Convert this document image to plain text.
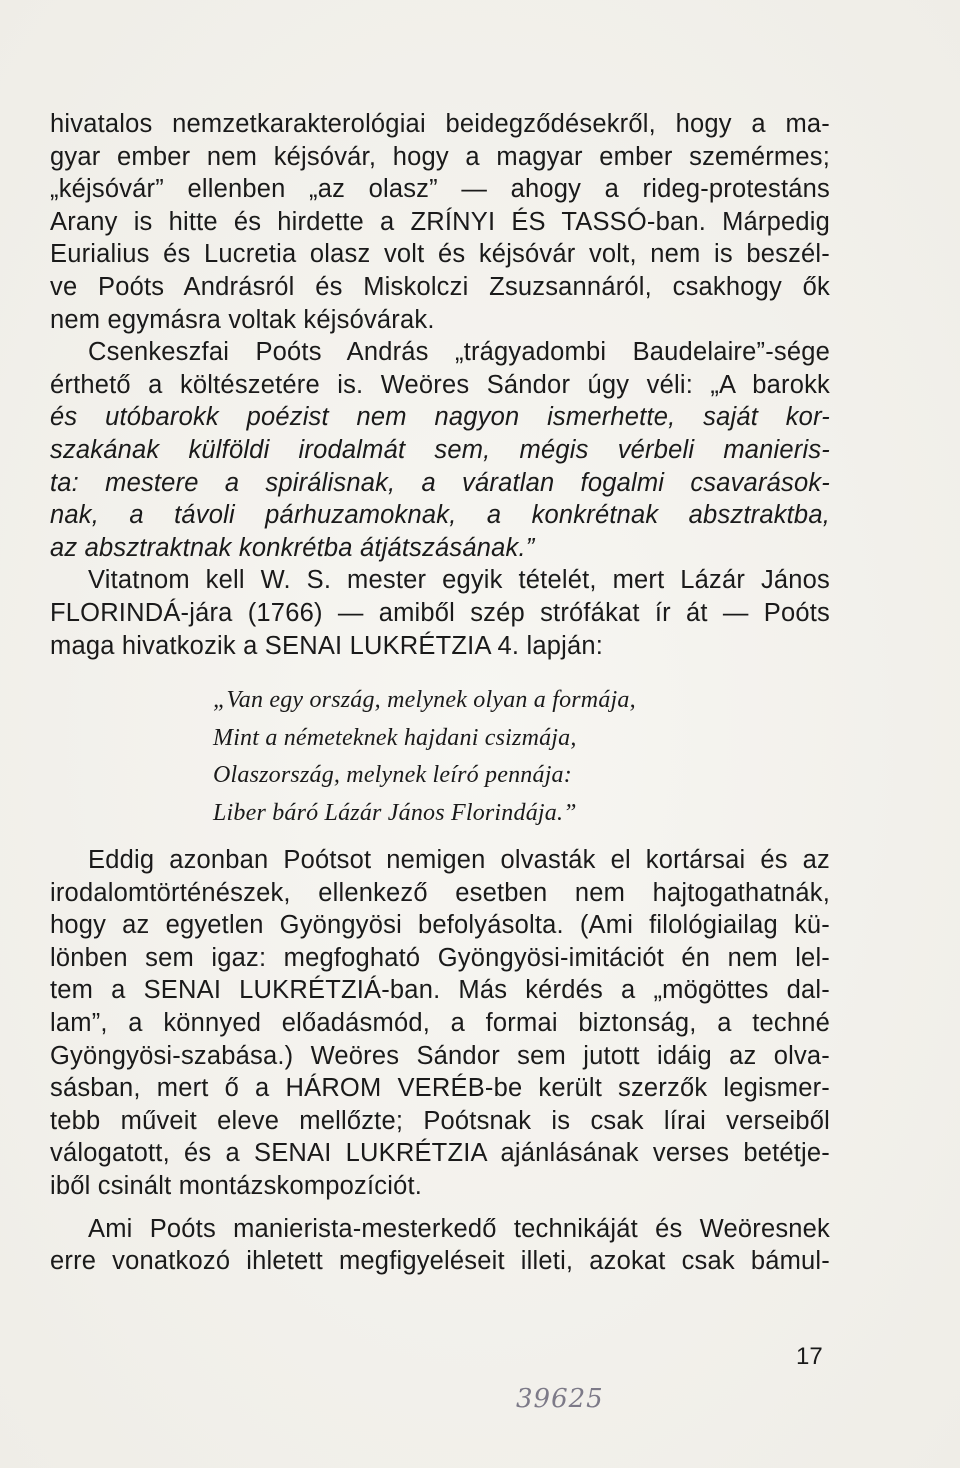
hivatalos nemzetkarakterológiai beidegződésekről, hogy a ma-
gyar ember nem kéjsóvár, hogy a magyar ember szemérmes;
„kéjsóvár” ellenben „az olasz” — ahogy a rideg-protestáns
Arany is hitte és hirdette a ZRÍNYI ÉS TASSÓ-ban. Márpedig
Eurialius és Lucretia olasz volt és kéjsóvár volt, nem is beszél-
ve Poóts Andrásról és Miskolczi Zsuzsannáról, csakhogy ők
nem egymásra voltak kéjsóvárak.
Csenkeszfai Poóts András „trágyadombi Baudelaire”-sége
érthető a költészetére is. Weöres Sándor úgy véli: „A barokk
és utóbarokk poézist nem nagyon ismerhette, saját kor-
szakának külföldi irodalmát sem, mégis vérbeli manieris-
ta: mestere a spirálisnak, a váratlan fogalmi csavarások-
nak, a távoli párhuzamoknak, a konkrétnak absztraktba,
az absztraktnak konkrétba átjátszásának.”
Vitatnom kell W. S. mester egyik tételét, mert Lázár János
FLORINDÁ-jára (1766) — amiből szép strófákat ír át — Poóts
maga hivatkozik a SENAI LUKRÉTZIA 4. lapján:
„Van egy ország, melynek olyan a formája,
Mint a németeknek hajdani csizmája,
Olaszország, melynek leíró pennája:
Liber báró Lázár János Florindája.”
Eddig azonban Poótsot nemigen olvasták el kortársai és az
irodalomtörténészek, ellenkező esetben nem hajtogathatnák,
hogy az egyetlen Gyöngyösi befolyásolta. (Ami filológiailag kü-
lönben sem igaz: megfogható Gyöngyösi-imitációt én nem lel-
tem a SENAI LUKRÉTZIÁ-ban. Más kérdés a „mögöttes dal-
lam”, a könnyed előadásmód, a formai biztonság, a techné
Gyöngyösi-szabása.) Weöres Sándor sem jutott idáig az olva-
sásban, mert ő a HÁROM VERÉB-be került szerzők legismer-
tebb műveit eleve mellőzte; Poótsnak is csak lírai verseiből
válogatott, és a SENAI LUKRÉTZIA ajánlásának verses betétje-
iből csinált montázskompozíciót.
Ami Poóts manierista-mesterkedő technikáját és Weöresnek
erre vonatkozó ihletett megfigyeléseit illeti, azokat csak bámul-
17
39625
